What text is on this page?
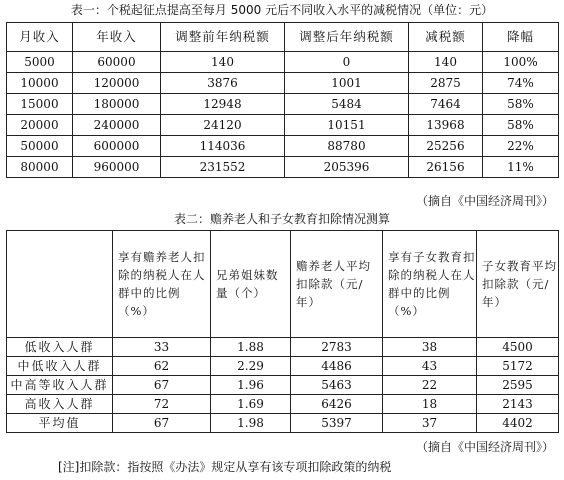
表一：个税起征点提高至每月 5000 元后不同收入水平的减税情况（单位：元）
月收入	年收入	调整前年纳税额	调整后年纳税额	减税额	降幅
5000	60000	140	0	140	100%
10000	120000	3876	1001	2875	74%
15000	180000	12948	5484	7464	58%
20000	240000	24120	10151	13968	58%
50000	600000	114036	88780	25256	22%
80000	960000	231552	205396	26156	11%
（摘自《中国经济周刊》）
表二：赡养老人和子女教育扣除情况测算
	享有赡养老人扣除的纳税人在人群中的比例（%）	兄弟姐妹数量（个）	赡养老人平均扣除款（元/年）	享有子女教育扣除的纳税人在人群中的比例（%）	子女教育平均扣除款（元/年）
低收入人群	33	1.88	2783	38	4500
中低收入人群	62	2.29	4486	43	5172
中高等收入人群	67	1.96	5463	22	2595
高收入人群	72	1.69	6426	18	2143
平均值	67	1.98	5397	37	4402
（摘自《中国经济周刊》）
[注]扣除款：指按照《办法》规定从享有该专项扣除政策的纳税
